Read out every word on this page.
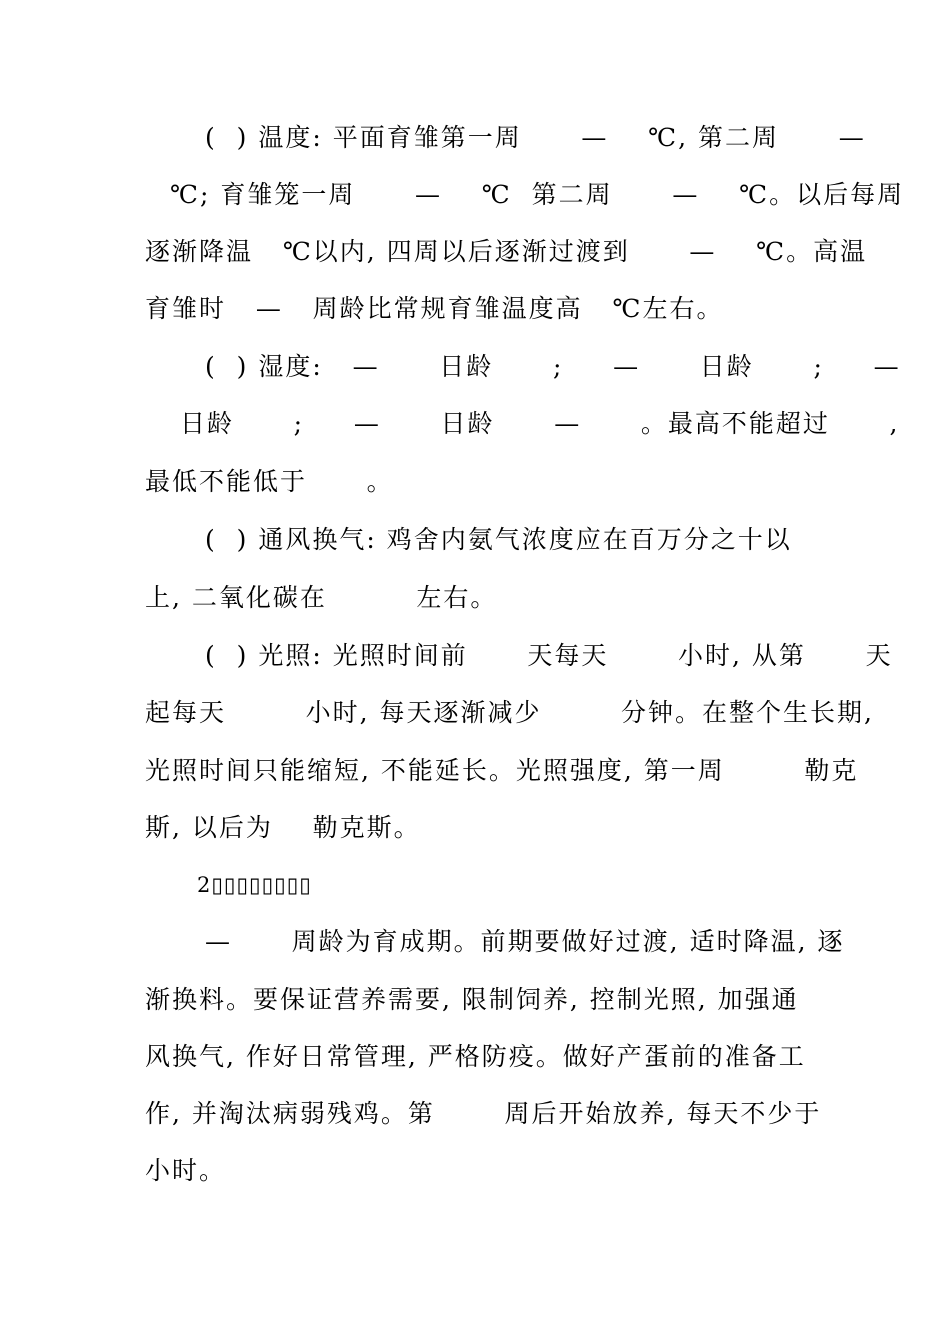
(  ) 温度: 平面育雏第一周      —    ℃, 第二周      —
℃; 育雏笼一周      —    ℃  第二周      —    ℃。以后每周
逐渐降温   ℃以内, 四周以后逐渐过渡到      —    ℃。高温
育雏时   —   周龄比常规育雏温度高   ℃左右。
(  ) 湿度:   —      日龄      ;     —      日龄      ;     —
日龄      ;     —      日龄      —      。最高不能超过      ,
最低不能低于      。
(  ) 通风换气: 鸡舍内氨气浓度应在百万分之十以
上, 二氧化碳在         左右。
(  ) 光照: 光照时间前      天每天       小时, 从第      天
起每天        小时, 每天逐渐减少        分钟。在整个生长期,
光照时间只能缩短, 不能延长。光照强度, 第一周        勒克
斯, 以后为    勒克斯。
2▯▯▯▯▯▯▯▯
—      周龄为育成期。前期要做好过渡, 适时降温, 逐
渐换料。要保证营养需要, 限制饲养, 控制光照, 加强通
风换气, 作好日常管理, 严格防疫。做好产蛋前的准备工
作, 并淘汰病弱残鸡。第       周后开始放养, 每天不少于
小时。
